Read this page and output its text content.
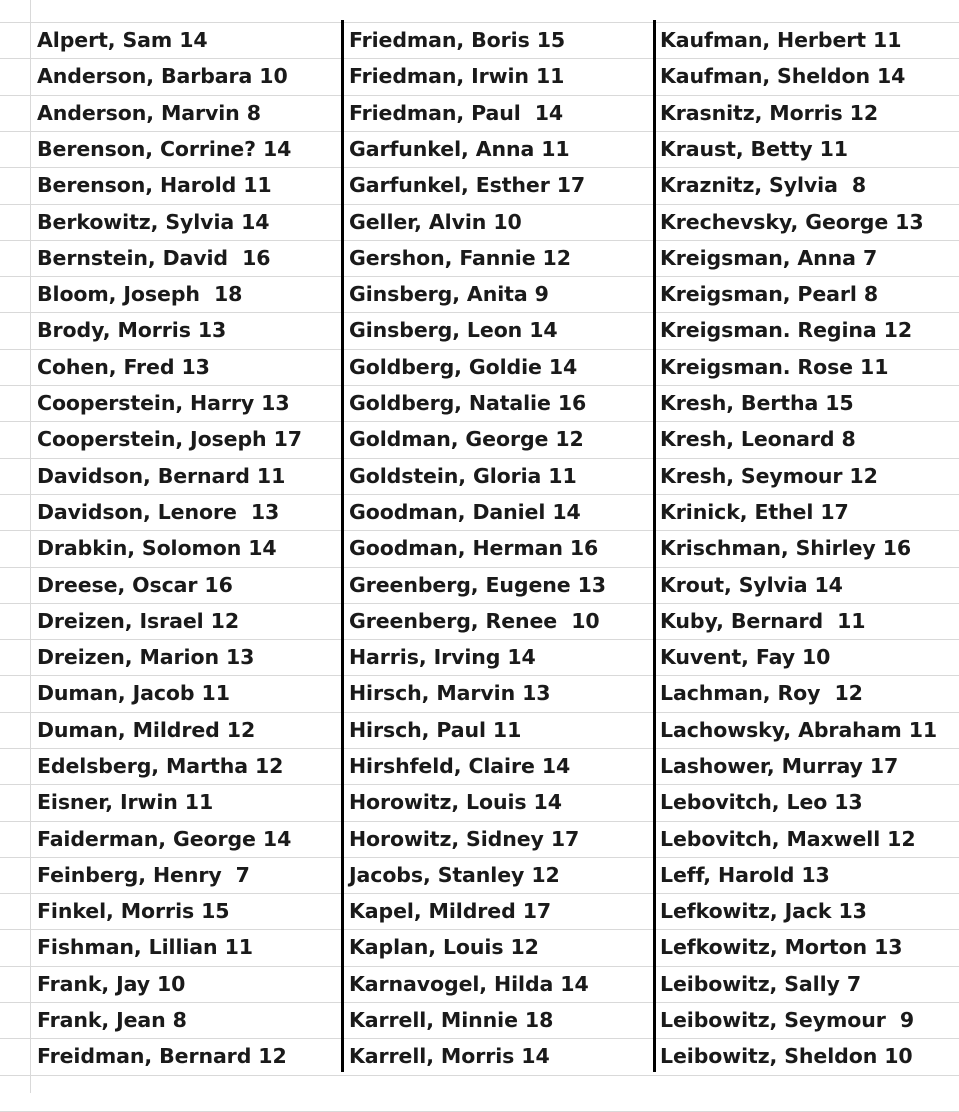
Alpert, Sam 14
Anderson, Barbara 10
Anderson, Marvin 8
Berenson, Corrine? 14
Berenson, Harold 11
Berkowitz, Sylvia 14
Bernstein, David  16
Bloom, Joseph  18
Brody, Morris 13
Cohen, Fred 13
Cooperstein, Harry 13
Cooperstein, Joseph 17
Davidson, Bernard 11
Davidson, Lenore  13
Drabkin, Solomon 14
Dreese, Oscar 16
Dreizen, Israel 12
Dreizen, Marion 13
Duman, Jacob 11
Duman, Mildred 12
Edelsberg, Martha 12
Eisner, Irwin 11
Faiderman, George 14
Feinberg, Henry  7
Finkel, Morris 15
Fishman, Lillian 11
Frank, Jay 10
Frank, Jean 8
Freidman, Bernard 12
Friedman, Boris 15
Friedman, Irwin 11
Friedman, Paul  14
Garfunkel, Anna 11
Garfunkel, Esther 17
Geller, Alvin 10
Gershon, Fannie 12
Ginsberg, Anita 9
Ginsberg, Leon 14
Goldberg, Goldie 14
Goldberg, Natalie 16
Goldman, George 12
Goldstein, Gloria 11
Goodman, Daniel 14
Goodman, Herman 16
Greenberg, Eugene 13
Greenberg, Renee  10
Harris, Irving 14
Hirsch, Marvin 13
Hirsch, Paul 11
Hirshfeld, Claire 14
Horowitz, Louis 14
Horowitz, Sidney 17
Jacobs, Stanley 12
Kapel, Mildred 17
Kaplan, Louis 12
Karnavogel, Hilda 14
Karrell, Minnie 18
Karrell, Morris 14
Kaufman, Herbert 11
Kaufman, Sheldon 14
Krasnitz, Morris 12
Kraust, Betty 11
Kraznitz, Sylvia  8
Krechevsky, George 13
Kreigsman, Anna 7
Kreigsman, Pearl 8
Kreigsman. Regina 12
Kreigsman. Rose 11
Kresh, Bertha 15
Kresh, Leonard 8
Kresh, Seymour 12
Krinick, Ethel 17
Krischman, Shirley 16
Krout, Sylvia 14
Kuby, Bernard  11
Kuvent, Fay 10
Lachman, Roy  12
Lachowsky, Abraham 11
Lashower, Murray 17
Lebovitch, Leo 13
Lebovitch, Maxwell 12
Leff, Harold 13
Lefkowitz, Jack 13
Lefkowitz, Morton 13
Leibowitz, Sally 7
Leibowitz, Seymour  9
Leibowitz, Sheldon 10
